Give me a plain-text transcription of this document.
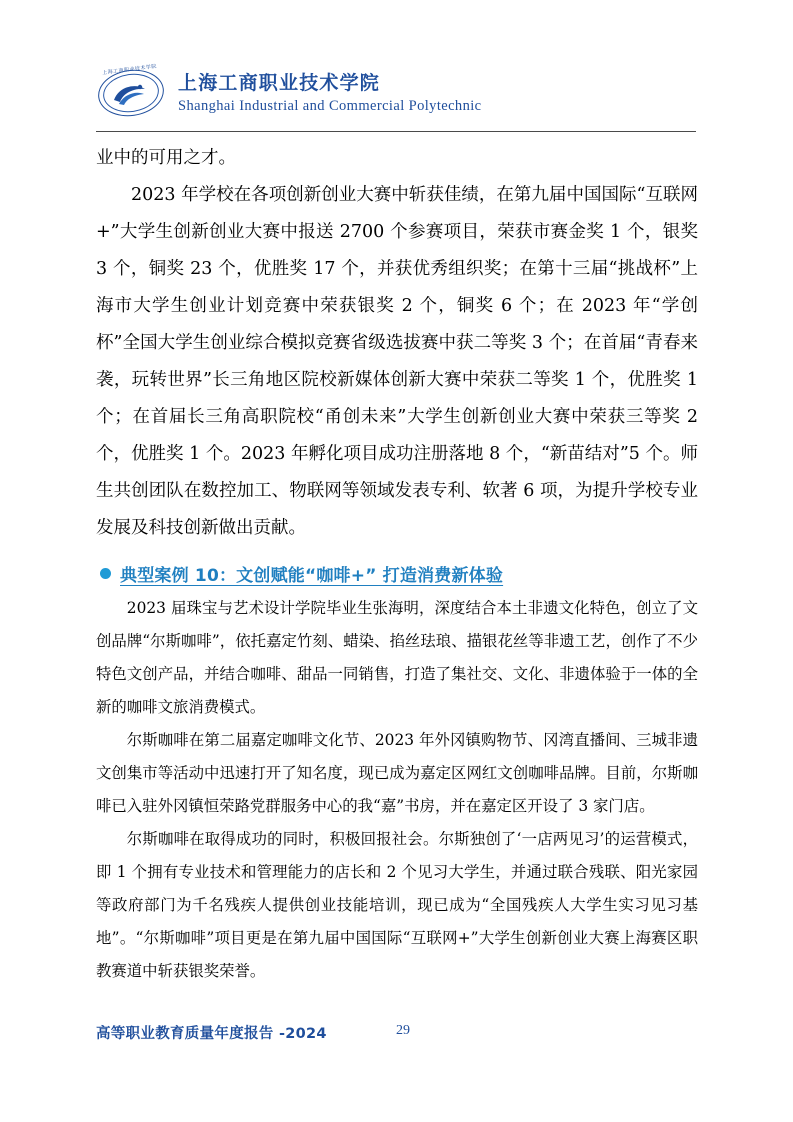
上海工商职业技术学院
上海工商职业技术学院
Shanghai Industrial and Commercial Polytechnic

业中的可用之才。

2023 年学校在各项创新创业大赛中斩获佳绩，在第九届中国国际“互联网+”大学生创新创业大赛中报送 2700 个参赛项目，荣获市赛金奖 1 个，银奖 3 个，铜奖 23 个，优胜奖 17 个，并获优秀组织奖；在第十三届“挑战杯”上海市大学生创业计划竞赛中荣获银奖 2 个，铜奖 6 个；在 2023 年“学创杯”全国大学生创业综合模拟竞赛省级选拔赛中获二等奖 3 个；在首届“青春来袭，玩转世界”长三角地区院校新媒体创新大赛中荣获二等奖 1 个，优胜奖 1 个；在首届长三角高职院校“甬创未来”大学生创新创业大赛中荣获三等奖 2 个，优胜奖 1 个。2023 年孵化项目成功注册落地 8 个，“新苗结对”5 个。师生共创团队在数控加工、物联网等领域发表专利、软著 6 项，为提升学校专业发展及科技创新做出贡献。

典型案例 10：文创赋能“咖啡+” 打造消费新体验

2023 届珠宝与艺术设计学院毕业生张海明，深度结合本土非遗文化特色，创立了文创品牌“尔斯咖啡”，依托嘉定竹刻、蜡染、掐丝珐琅、描银花丝等非遗工艺，创作了不少特色文创产品，并结合咖啡、甜品一同销售，打造了集社交、文化、非遗体验于一体的全新的咖啡文旅消费模式。

尔斯咖啡在第二届嘉定咖啡文化节、2023 年外冈镇购物节、冈湾直播间、三城非遗文创集市等活动中迅速打开了知名度，现已成为嘉定区网红文创咖啡品牌。目前，尔斯咖啡已入驻外冈镇恒荣路党群服务中心的我“嘉”书房，并在嘉定区开设了 3 家门店。

尔斯咖啡在取得成功的同时，积极回报社会。尔斯独创了‘一店两见习’的运营模式，即 1 个拥有专业技术和管理能力的店长和 2 个见习大学生，并通过联合残联、阳光家园等政府部门为千名残疾人提供创业技能培训，现已成为“全国残疾人大学生实习见习基地”。“尔斯咖啡”项目更是在第九届中国国际“互联网+”大学生创新创业大赛上海赛区职教赛道中斩获银奖荣誉。

高等职业教育质量年度报告 -2024	29
